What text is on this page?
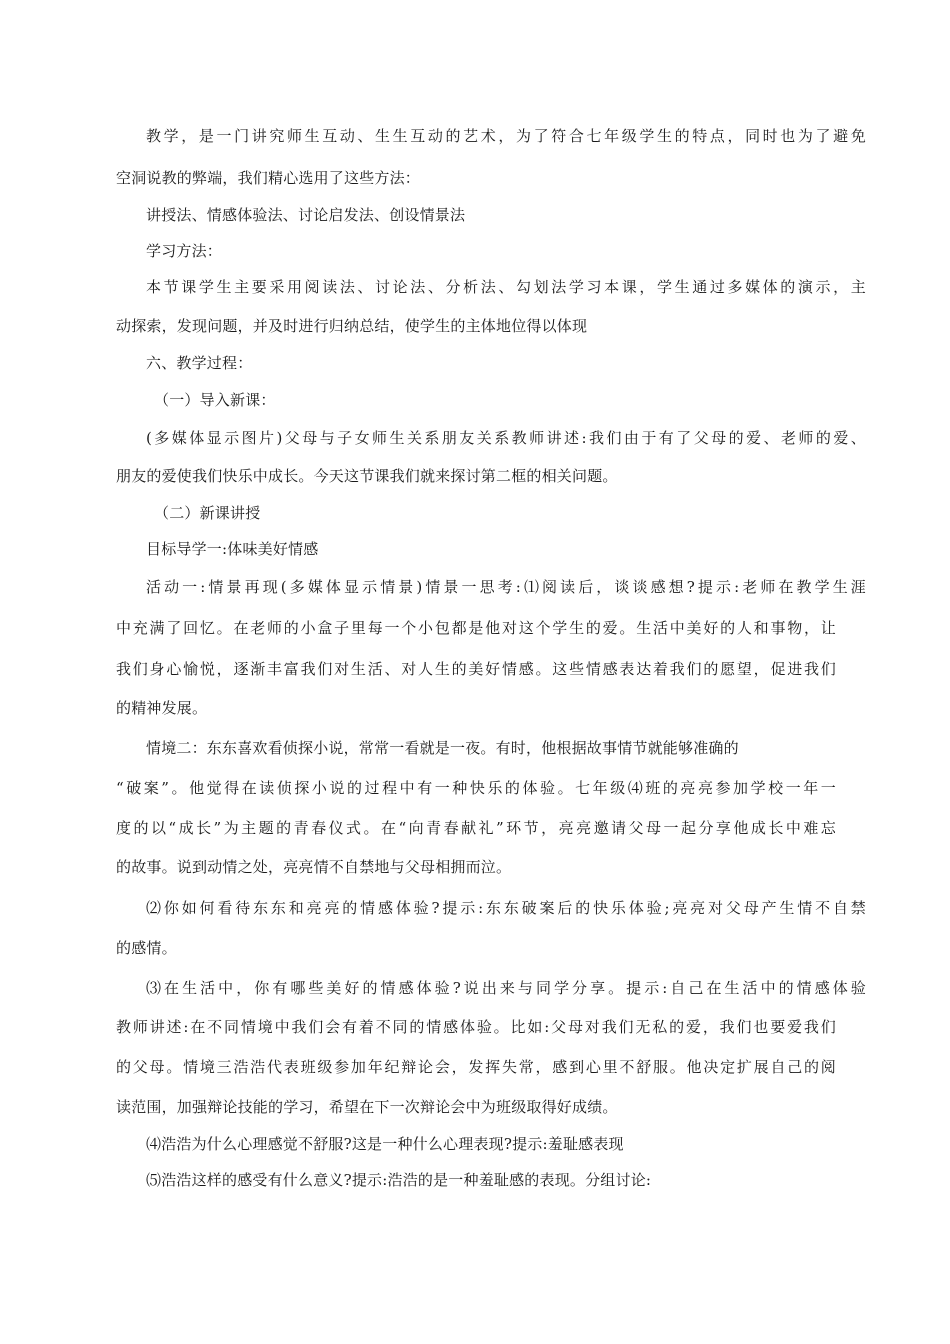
教学，是一门讲究师生互动、生生互动的艺术，为了符合七年级学生的特点，同时也为了避免
空洞说教的弊端，我们精心选用了这些方法：
讲授法、情感体验法、讨论启发法、创设情景法
学习方法：
本节课学生主要采用阅读法、讨论法、分析法、勾划法学习本课，学生通过多媒体的演示，主
动探索，发现问题，并及时进行归纳总结，使学生的主体地位得以体现
六、教学过程：
（一）导入新课：
(多媒体显示图片)父母与子女师生关系朋友关系教师讲述:我们由于有了父母的爱、老师的爱、
朋友的爱使我们快乐中成长。今天这节课我们就来探讨第二框的相关问题。
（二）新课讲授
目标导学一:体味美好情感
活动一:情景再现(多媒体显示情景)情景一思考:⑴阅读后，谈谈感想?提示:老师在教学生涯
中充满了回忆。在老师的小盒子里每一个小包都是他对这个学生的爱。生活中美好的人和事物，让
我们身心愉悦，逐渐丰富我们对生活、对人生的美好情感。这些情感表达着我们的愿望，促进我们
的精神发展。
情境二：东东喜欢看侦探小说，常常一看就是一夜。有时，他根据故事情节就能够准确的
“破案”。他觉得在读侦探小说的过程中有一种快乐的体验。七年级⑷班的亮亮参加学校一年一
度的以“成长”为主题的青春仪式。在“向青春献礼”环节，亮亮邀请父母一起分享他成长中难忘
的故事。说到动情之处，亮亮情不自禁地与父母相拥而泣。
⑵你如何看待东东和亮亮的情感体验?提示:东东破案后的快乐体验;亮亮对父母产生情不自禁
的感情。
⑶在生活中，你有哪些美好的情感体验?说出来与同学分享。提示:自己在生活中的情感体验
教师讲述:在不同情境中我们会有着不同的情感体验。比如:父母对我们无私的爱，我们也要爱我们
的父母。情境三浩浩代表班级参加年纪辩论会，发挥失常，感到心里不舒服。他决定扩展自己的阅
读范围，加强辩论技能的学习，希望在下一次辩论会中为班级取得好成绩。
⑷浩浩为什么心理感觉不舒服?这是一种什么心理表现?提示:羞耻感表现
⑸浩浩这样的感受有什么意义?提示:浩浩的是一种羞耻感的表现。分组讨论:
